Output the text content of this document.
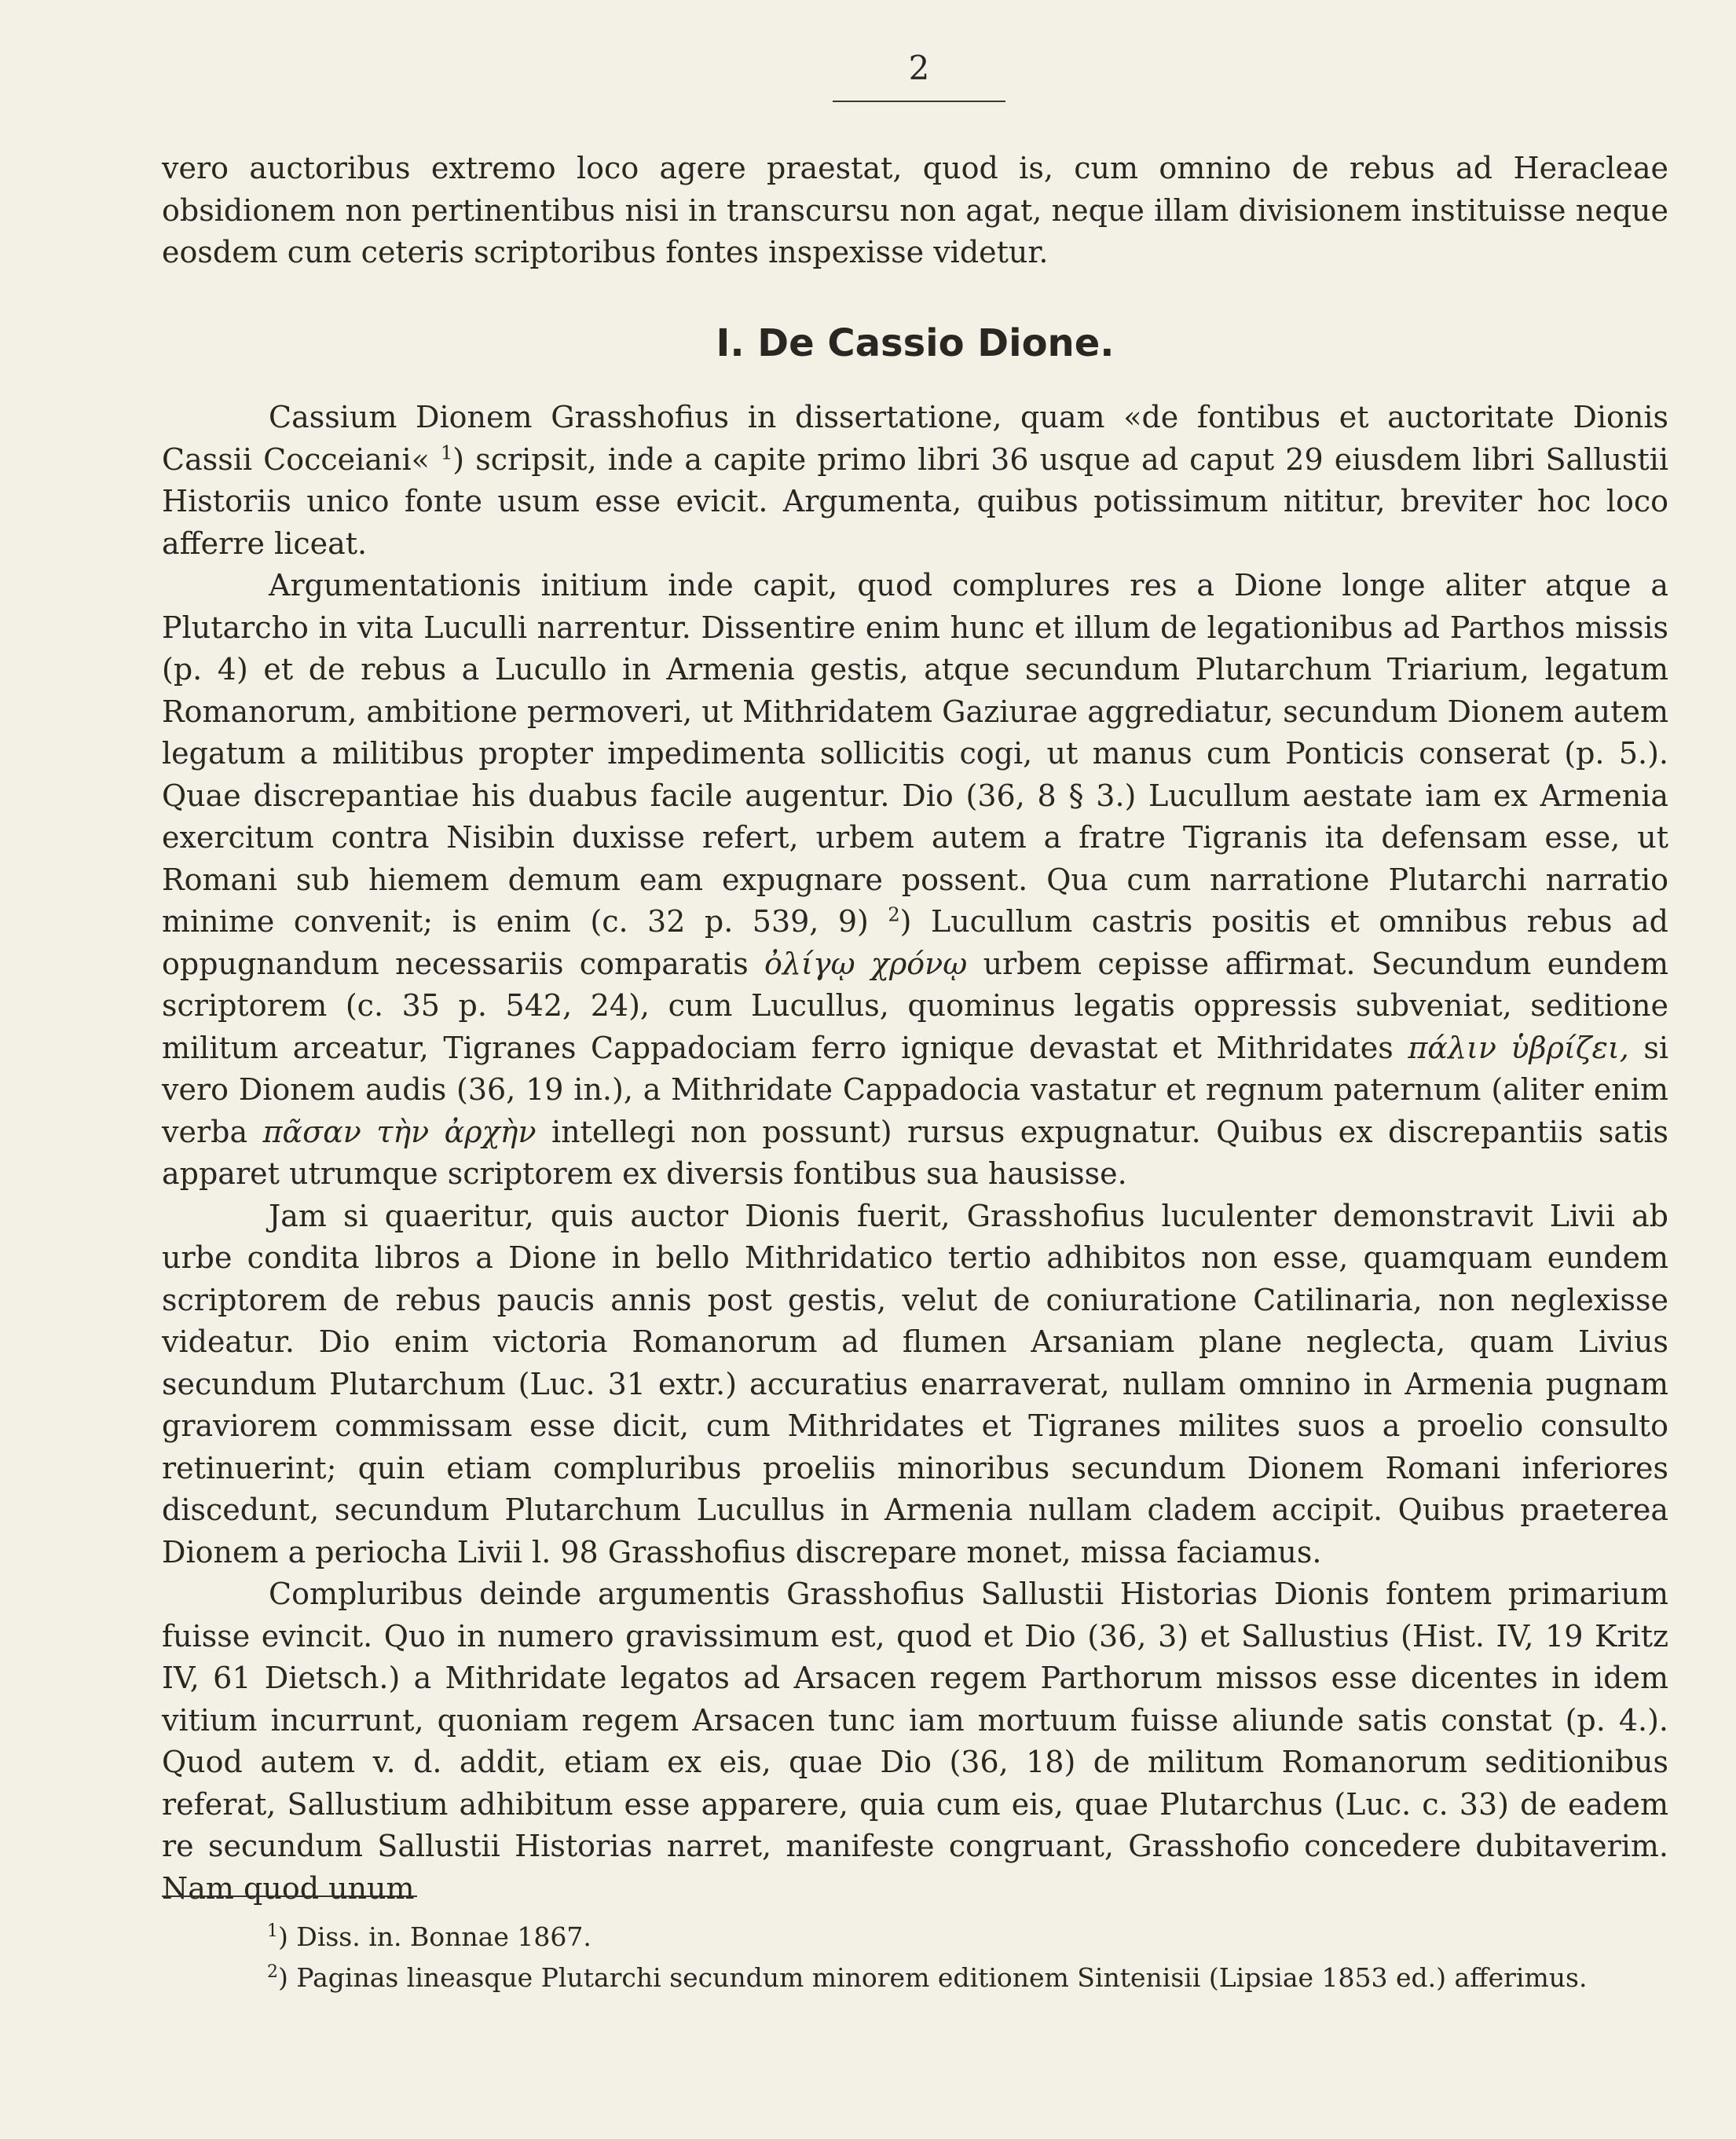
2

vero auctoribus extremo loco agere praestat, quod is, cum omnino de rebus ad Heracleae obsidionem non pertinentibus nisi in transcursu non agat, neque illam divisionem instituisse neque eosdem cum ceteris scriptoribus fontes inspexisse videtur.

I. De Cassio Dione.

Cassium Dionem Grasshofius in dissertatione, quam «de fontibus et auctoritate Dionis Cassii Cocceiani« $^1$) scripsit, inde a capite primo libri 36 usque ad caput 29 eiusdem libri Sallustii Historiis unico fonte usum esse evicit. Argumenta, quibus potissimum nititur, breviter hoc loco afferre liceat.

Argumentationis initium inde capit, quod complures res a Dione longe aliter atque a Plutarcho in vita Luculli narrentur. Dissentire enim hunc et illum de legationibus ad Parthos missis (p. 4) et de rebus a Lucullo in Armenia gestis, atque secundum Plutarchum Triarium, legatum Romanorum, ambitione permoveri, ut Mithridatem Gaziurae aggrediatur, secundum Dionem autem legatum a militibus propter impedimenta sollicitis cogi, ut manus cum Ponticis conserat (p. 5.). Quae discrepantiae his duabus facile augentur. Dio (36, 8 § 3.) Lucullum aestate iam ex Armenia exercitum contra Nisibin duxisse refert, urbem autem a fratre Tigranis ita defensam esse, ut Romani sub hiemem demum eam expugnare possent. Qua cum narratione Plutarchi narratio minime convenit; is enim (c. 32 p. 539, 9) $^2$) Lucullum castris positis et omnibus rebus ad oppugnandum necessariis comparatis ὀλίγῳ χρόνῳ urbem cepisse affirmat. Secundum eundem scriptorem (c. 35 p. 542, 24), cum Lucullus, quominus legatis oppressis subveniat, seditione militum arceatur, Tigranes Cappadociam ferro ignique devastat et Mithridates πάλιν ὑβρίζει, si vero Dionem audis (36, 19 in.), a Mithridate Cappadocia vastatur et regnum paternum (aliter enim verba πᾶσαν τὴν ἀρχὴν intellegi non possunt) rursus expugnatur. Quibus ex discrepantiis satis apparet utrumque scriptorem ex diversis fontibus sua hausisse.

Jam si quaeritur, quis auctor Dionis fuerit, Grasshofius luculenter demonstravit Livii ab urbe condita libros a Dione in bello Mithridatico tertio adhibitos non esse, quamquam eundem scriptorem de rebus paucis annis post gestis, velut de coniuratione Catilinaria, non neglexisse videatur. Dio enim victoria Romanorum ad flumen Arsaniam plane neglecta, quam Livius secundum Plutarchum (Luc. 31 extr.) accuratius enarraverat, nullam omnino in Armenia pugnam graviorem commissam esse dicit, cum Mithridates et Tigranes milites suos a proelio consulto retinuerint; quin etiam compluribus proeliis minoribus secundum Dionem Romani inferiores discedunt, secundum Plutarchum Lucullus in Armenia nullam cladem accipit. Quibus praeterea Dionem a periocha Livii l. 98 Grasshofius discrepare monet, missa faciamus.

Compluribus deinde argumentis Grasshofius Sallustii Historias Dionis fontem primarium fuisse evincit. Quo in numero gravissimum est, quod et Dio (36, 3) et Sallustius (Hist. IV, 19 Kritz IV, 61 Dietsch.) a Mithridate legatos ad Arsacen regem Parthorum missos esse dicentes in idem vitium incurrunt, quoniam regem Arsacen tunc iam mortuum fuisse aliunde satis constat (p. 4.). Quod autem v. d. addit, etiam ex eis, quae Dio (36, 18) de militum Romanorum seditionibus referat, Sallustium adhibitum esse apparere, quia cum eis, quae Plutarchus (Luc. c. 33) de eadem re secundum Sallustii Historias narret, manifeste congruant, Grasshofio concedere dubitaverim. Nam quod unum

$^1$) Diss. in. Bonnae 1867.

$^2$) Paginas lineasque Plutarchi secundum minorem editionem Sintenisii (Lipsiae 1853 ed.) afferimus.
